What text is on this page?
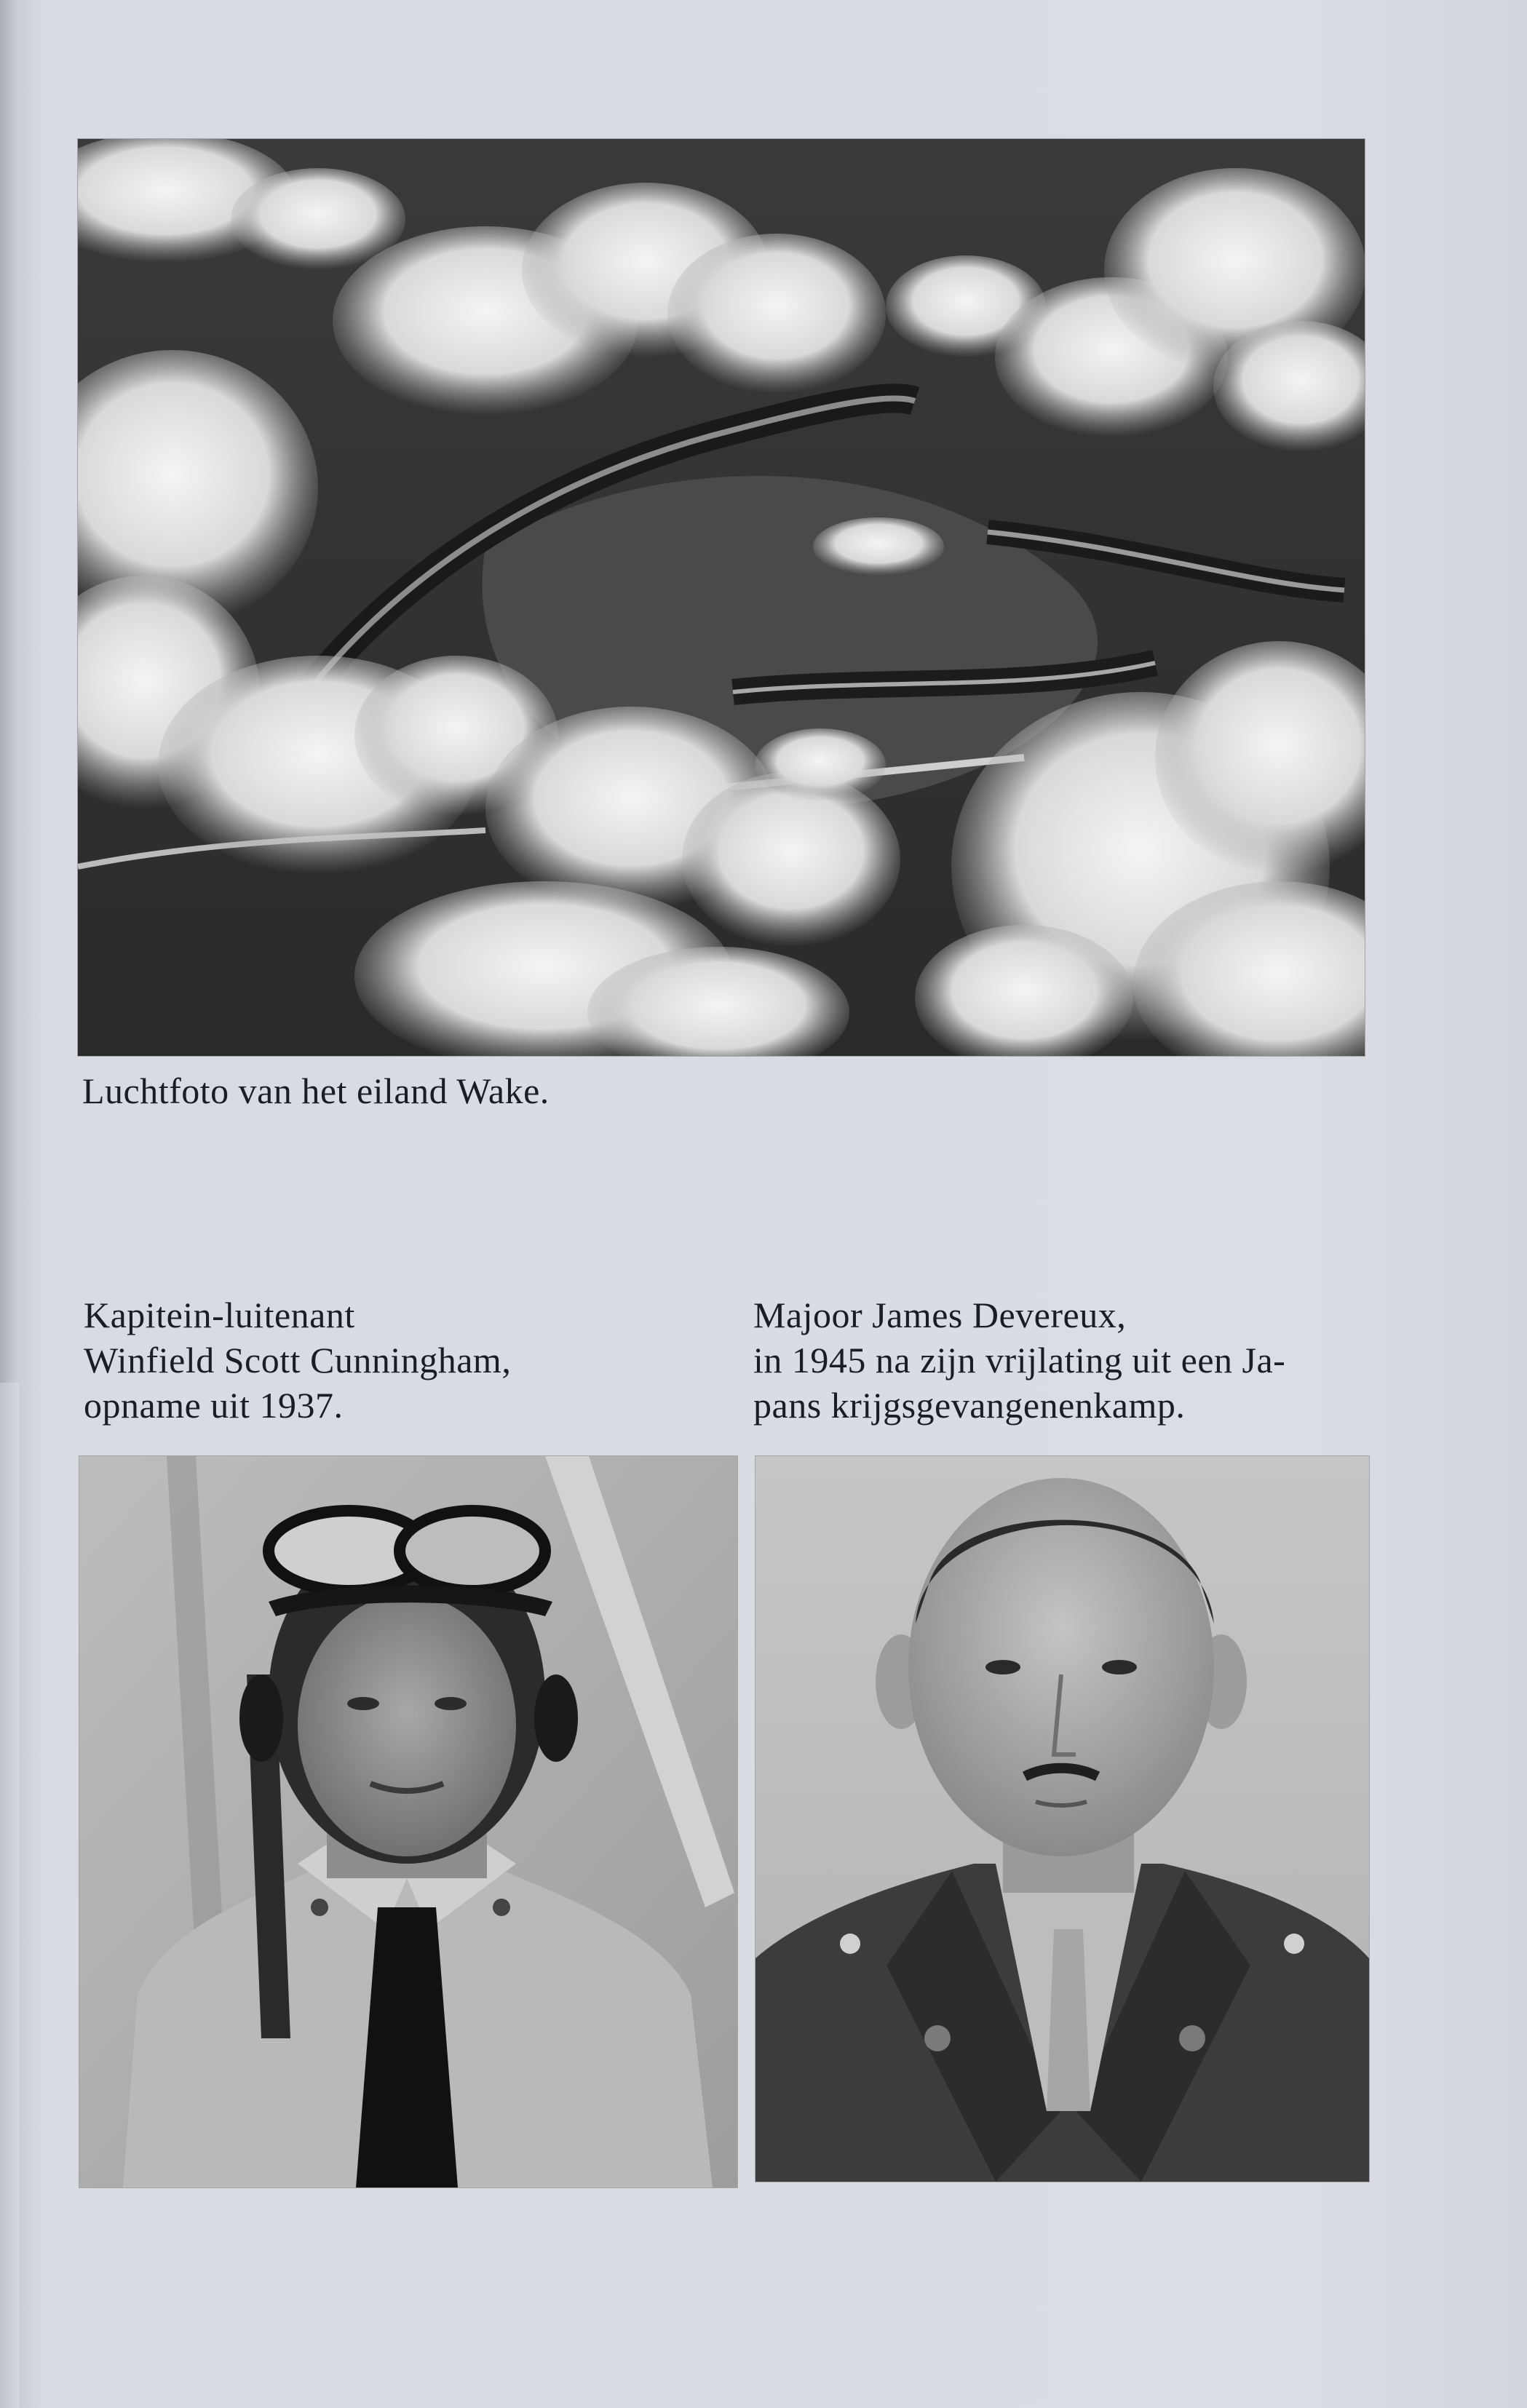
Luchtfoto van het eiland Wake.
Kapitein-luitenant
Winfield Scott Cunningham,
opname uit 1937.
Majoor James Devereux,
in 1945 na zijn vrijlating uit een Ja-
pans krijgsgevangenenkamp.
